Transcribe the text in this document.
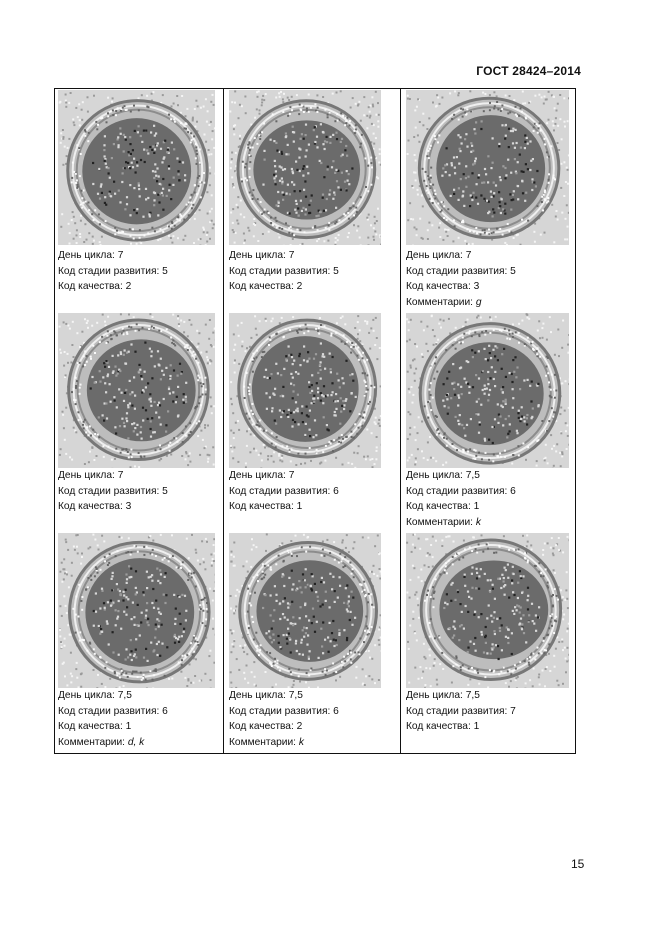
ГОСТ 28424–2014
День цикла: 7
Код стадии развития: 5
Код качества: 2
День цикла: 7
Код стадии развития: 5
Код качества: 2
День цикла: 7
Код стадии развития: 5
Код качества: 3
Комментарии: g
День цикла: 7
Код стадии развития: 5
Код качества: 3
День цикла: 7
Код стадии развития: 6
Код качества: 1
День цикла: 7,5
Код стадии развития: 6
Код качества: 1
Комментарии: k
День цикла: 7,5
Код стадии развития: 6
Код качества: 1
Комментарии: d, k
День цикла: 7,5
Код стадии развития: 6
Код качества: 2
Комментарии: k
День цикла: 7,5
Код стадии развития: 7
Код качества: 1
15
